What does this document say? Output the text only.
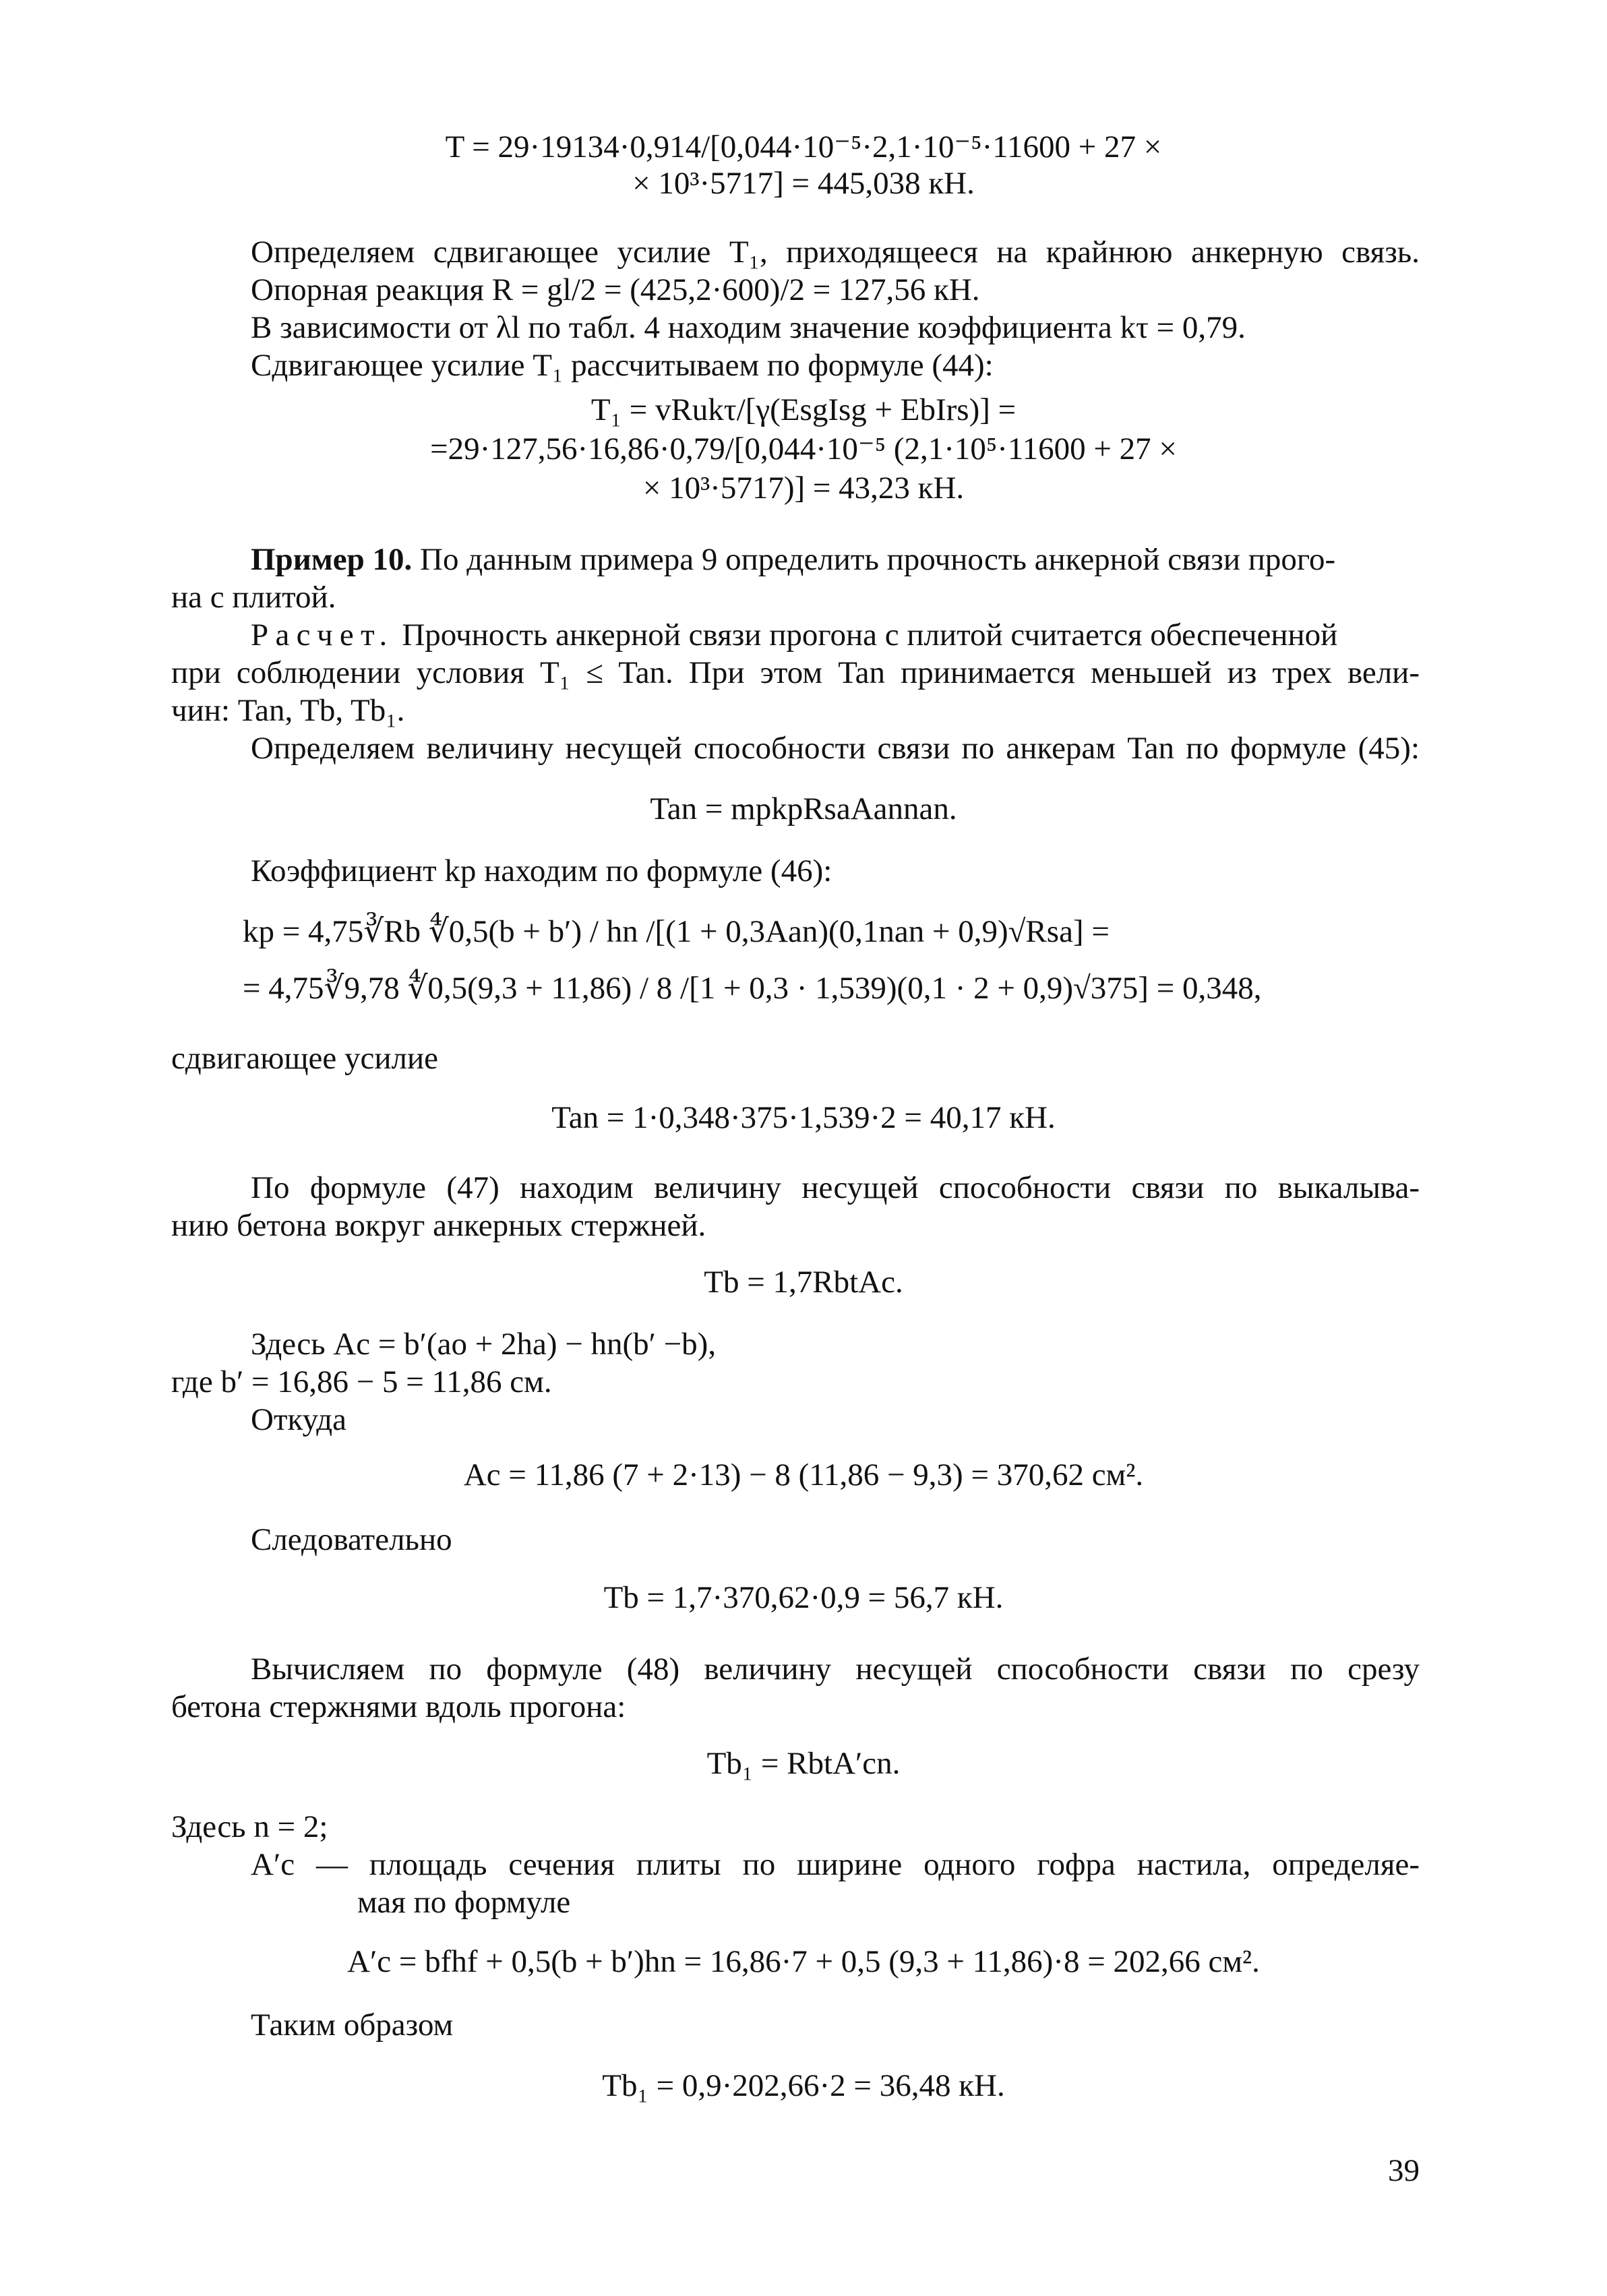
T = 29·19134·0,914/[0,044·10⁻⁵·2,1·10⁻⁵·11600 + 27 ×
× 10³·5717] = 445,038 кН.
Определяем сдвигающее усилие T₁, приходящееся на крайнюю анкерную связь.
Опорная реакция R = gl/2 = (425,2·600)/2 = 127,56 кН.
В зависимости от λl по табл. 4 находим значение коэффициента kτ = 0,79.
Сдвигающее усилие T₁ рассчитываем по формуле (44):
T₁ = vRukτ/[γ(EsgIsg + EbIrs)] =
=29·127,56·16,86·0,79/[0,044·10⁻⁵ (2,1·10⁵·11600 + 27 ×
× 10³·5717)] = 43,23 кН.
Пример 10. По данным примера 9 определить прочность анкерной связи прого-
на с плитой.
Расчет. Прочность анкерной связи прогона с плитой считается обеспеченной
при соблюдении условия T₁ ≤ Tan. При этом Tan принимается меньшей из трех вели-
чин: Tan, Tb, Tb₁.
Определяем величину несущей способности связи по анкерам Tan по формуле (45):
Tan = mpkpRsaAannan.
Коэффициент kp находим по формуле (46):
kp = 4,75∛Rb ∜0,5(b + b′) / hn /[(1 + 0,3Aan)(0,1nan + 0,9)√Rsa] =
= 4,75∛9,78 ∜0,5(9,3 + 11,86) / 8 /[1 + 0,3 · 1,539)(0,1 · 2 + 0,9)√375] = 0,348,
сдвигающее усилие
Tan = 1·0,348·375·1,539·2 = 40,17 кН.
По формуле (47) находим величину несущей способности связи по выкалыва-
нию бетона вокруг анкерных стержней.
Tb = 1,7RbtAc.
Здесь Ac = b′(ao + 2ha) − hn(b′ −b),
где b′ = 16,86 − 5 = 11,86 см.
Откуда
Ac = 11,86 (7 + 2·13) − 8 (11,86 − 9,3) = 370,62 см².
Следовательно
Tb = 1,7·370,62·0,9 = 56,7 кН.
Вычисляем по формуле (48) величину несущей способности связи по срезу
бетона стержнями вдоль прогона:
Tb₁ = RbtA′cn.
Здесь n = 2;
A′c — площадь сечения плиты по ширине одного гофра настила, определяе-
мая по формуле
A′c = bfhf + 0,5(b + b′)hn = 16,86·7 + 0,5 (9,3 + 11,86)·8 = 202,66 см².
Таким образом
Tb₁ = 0,9·202,66·2 = 36,48 кН.
39
